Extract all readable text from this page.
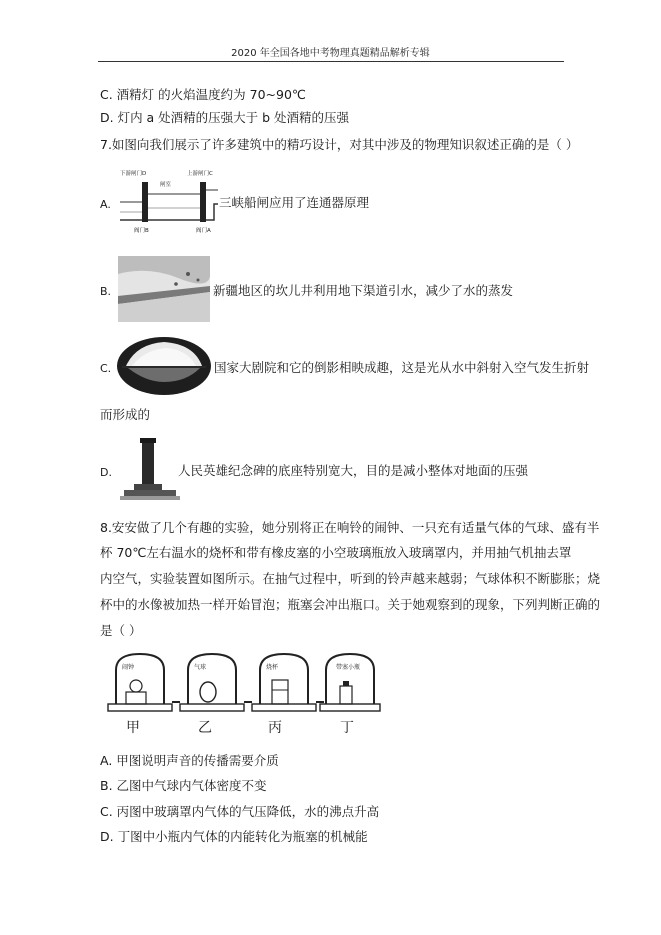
2020 年全国各地中考物理真题精品解析专辑
C. 酒精灯 的火焰温度约为 70~90℃
D. 灯内 a 处酒精的压强大于 b 处酒精的压强
7.如图向我们展示了许多建筑中的精巧设计，对其中涉及的物理知识叙述正确的是（ ）
A.
下游闸门D	上游闸门C
闸室
阀门B	阀门A
三峡船闸应用了连通器原理
B.	新疆地区的坎儿井利用地下渠道引水，减少了水的蒸发
C.	国家大剧院和它的倒影相映成趣，这是光从水中斜射入空气发生折射
而形成的
D.	人民英雄纪念碑的底座特别宽大，目的是减小整体对地面的压强
8.安安做了几个有趣的实验，她分别将正在响铃的闹钟、一只充有适量气体的气球、盛有半
杯 70℃左右温水的烧杯和带有橡皮塞的小空玻璃瓶放入玻璃罩内，并用抽气机抽去罩
内空气，实验装置如图所示。在抽气过程中，听到的铃声越来越弱；气球体积不断膨胀；烧
杯中的水像被加热一样开始冒泡；瓶塞会冲出瓶口。关于她观察到的现象，下列判断正确的
是（ ）
闹钟	气球	烧杯	带塞小瓶
甲	乙	丙	丁
A. 甲图说明声音的传播需要介质
B. 乙图中气球内气体密度不变
C. 丙图中玻璃罩内气体的气压降低，水的沸点升高
D. 丁图中小瓶内气体的内能转化为瓶塞的机械能
